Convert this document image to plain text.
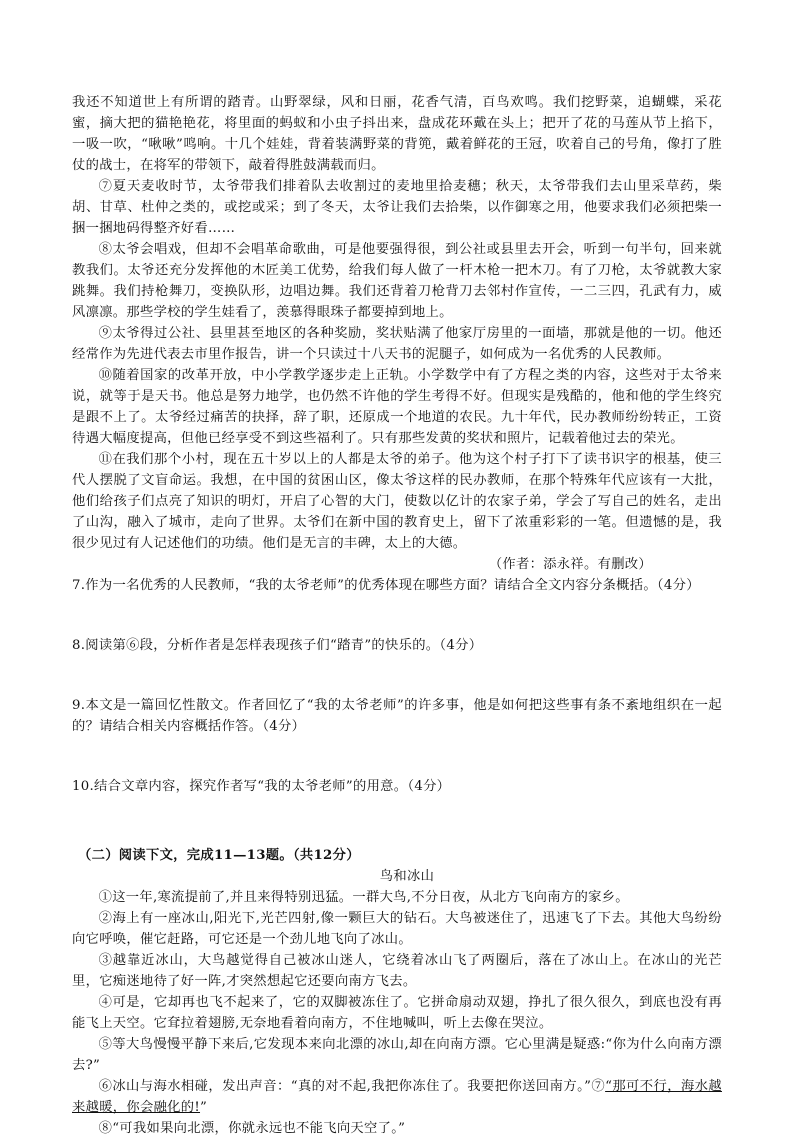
我还不知道世上有所谓的踏青。山野翠绿，风和日丽，花香气清，百鸟欢鸣。我们挖野菜，追蝴蝶，采花蜜，摘大把的猫艳艳花，将里面的蚂蚁和小虫子抖出来，盘成花环戴在头上；把开了花的马莲从节上掐下，一吸一吹，“啾啾”鸣响。十几个娃娃，背着装满野菜的背篼，戴着鲜花的王冠，吹着自己的号角，像打了胜仗的战士，在将军的带领下，敲着得胜鼓满载而归。

⑦夏天麦收时节，太爷带我们排着队去收割过的麦地里拾麦穗；秋天，太爷带我们去山里采草药，柴胡、甘草、杜仲之类的，或挖或采；到了冬天，太爷让我们去拾柴，以作御寒之用，他要求我们必须把柴一捆一捆地码得整齐好看……

⑧太爷会唱戏，但却不会唱革命歌曲，可是他要强得很，到公社或县里去开会，听到一句半句，回来就教我们。太爷还充分发挥他的木匠美工优势，给我们每人做了一杆木枪一把木刀。有了刀枪，太爷就教大家跳舞。我们持枪舞刀，变换队形，边唱边舞。我们还背着刀枪背刀去邻村作宣传，一二三四，孔武有力，威风凛凛。那些学校的学生娃看了，羡慕得眼珠子都要掉到地上。

⑨太爷得过公社、县里甚至地区的各种奖励，奖状贴满了他家厅房里的一面墙，那就是他的一切。他还经常作为先进代表去市里作报告，讲一个只读过十八天书的泥腿子，如何成为一名优秀的人民教师。

⑩随着国家的改革开放，中小学教学逐步走上正轨。小学数学中有了方程之类的内容，这些对于太爷来说，就等于是天书。他总是努力地学，也仍然不许他的学生考得不好。但现实是残酷的，他和他的学生终究是跟不上了。太爷经过痛苦的抉择，辞了职，还原成一个地道的农民。九十年代，民办教师纷纷转正，工资待遇大幅度提高，但他已经享受不到这些福利了。只有那些发黄的奖状和照片，记载着他过去的荣光。

⑪在我们那个小村，现在五十岁以上的人都是太爷的弟子。他为这个村子打下了读书识字的根基，使三代人摆脱了文盲命运。我想，在中国的贫困山区，像太爷这样的民办教师，在那个特殊年代应该有一大批，他们给孩子们点亮了知识的明灯，开启了心智的大门，使数以亿计的农家子弟，学会了写自己的姓名，走出了山沟，融入了城市，走向了世界。太爷们在新中国的教育史上，留下了浓重彩彩的一笔。但遗憾的是，我很少见过有人记述他们的功绩。他们是无言的丰碑，太上的大德。

（作者：添永祥。有删改）

7.作为一名优秀的人民教师，“我的太爷老师”的优秀体现在哪些方面？请结合全文内容分条概括。（4分）

8.阅读第⑥段，分析作者是怎样表现孩子们“踏青”的快乐的。（4分）

9.本文是一篇回忆性散文。作者回忆了“我的太爷老师”的许多事，他是如何把这些事有条不紊地组织在一起的？请结合相关内容概括作答。（4分）

10.结合文章内容，探究作者写“我的太爷老师”的用意。（4分）

（二）阅读下文，完成11—13题。（共12分）

鸟和冰山

①这一年,寒流提前了,并且来得特别迅猛。一群大鸟,不分日夜，从北方飞向南方的家乡。

②海上有一座冰山,阳光下,光芒四射,像一颗巨大的钻石。大鸟被迷住了，迅速飞了下去。其他大鸟纷纷向它呼唤，催它赶路，可它还是一个劲儿地飞向了冰山。

③越靠近冰山，大鸟越觉得自己被冰山迷人，它绕着冰山飞了两圈后，落在了冰山上。在冰山的光芒里，它痴迷地待了好一阵,才突然想起它还要向南方飞去。

④可是，它却再也飞不起来了，它的双脚被冻住了。它拼命扇动双翅，挣扎了很久很久，到底也没有再能飞上天空。它耷拉着翅膀,无奈地看着向南方，不住地喊叫，听上去像在哭泣。

⑤等大鸟慢慢平静下来后,它发现本来向北漂的冰山,却在向南方漂。它心里满是疑惑:“你为什么向南方漂去?”

⑥冰山与海水相碰，发出声音：“真的对不起,我把你冻住了。我要把你送回南方。”⑦“那可不行，海水越来越暖，你会融化的!”

⑧“可我如果向北漂，你就永远也不能飞向天空了。”
